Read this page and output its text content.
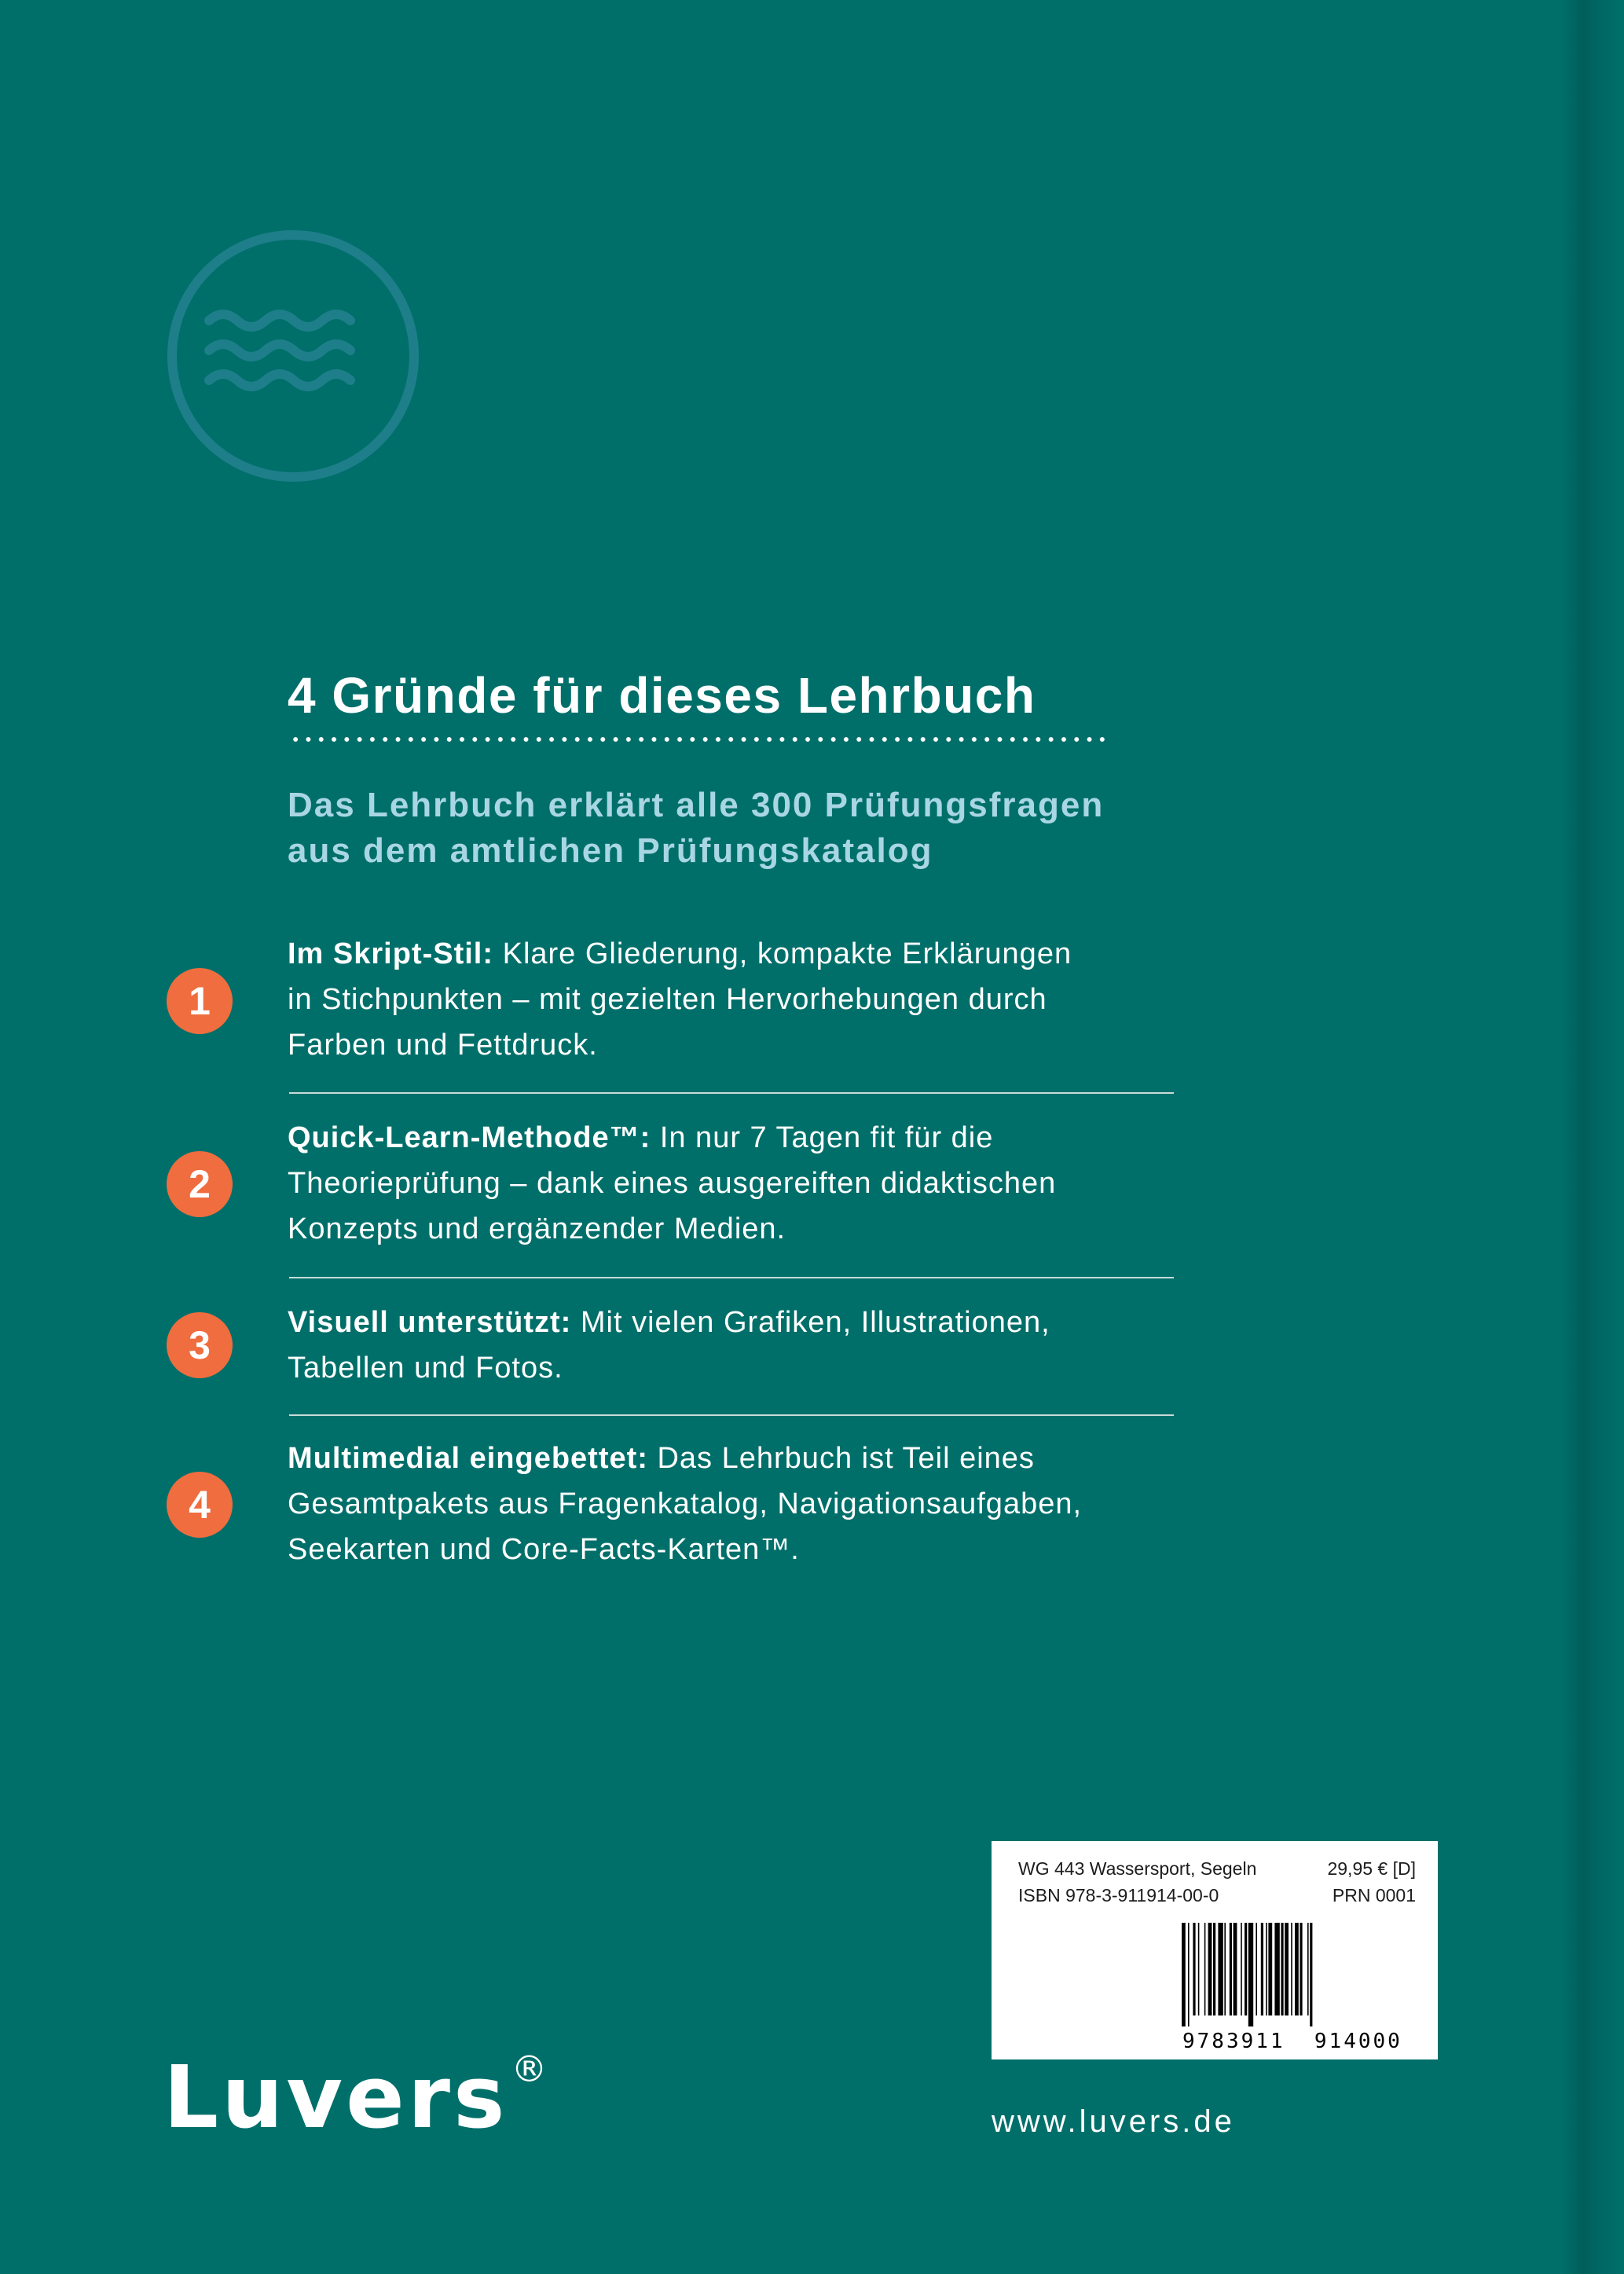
4 Gründe für dieses Lehrbuch

Das Lehrbuch erklärt alle 300 Prüfungsfragen
aus dem amtlichen Prüfungskatalog

1

Im Skript-Stil: Klare Gliederung, kompakte Erklärungen
in Stichpunkten – mit gezielten Hervorhebungen durch
Farben und Fettdruck.

2

Quick-Learn-Methode™: In nur 7 Tagen fit für die
Theorieprüfung – dank eines ausgereiften didaktischen
Konzepts und ergänzender Medien.

3

Visuell unterstützt: Mit vielen Grafiken, Illustrationen,
Tabellen und Fotos.

4

Multimedial eingebettet: Das Lehrbuch ist Teil eines
Gesamtpakets aus Fragenkatalog, Navigationsaufgaben,
Seekarten und Core-Facts-Karten™.

WG 443 Wassersport, Segeln	29,95 € [D]
ISBN 978-3-911914-00-0	PRN 0001
9783911 914000
Luvers®
www.luvers.de
